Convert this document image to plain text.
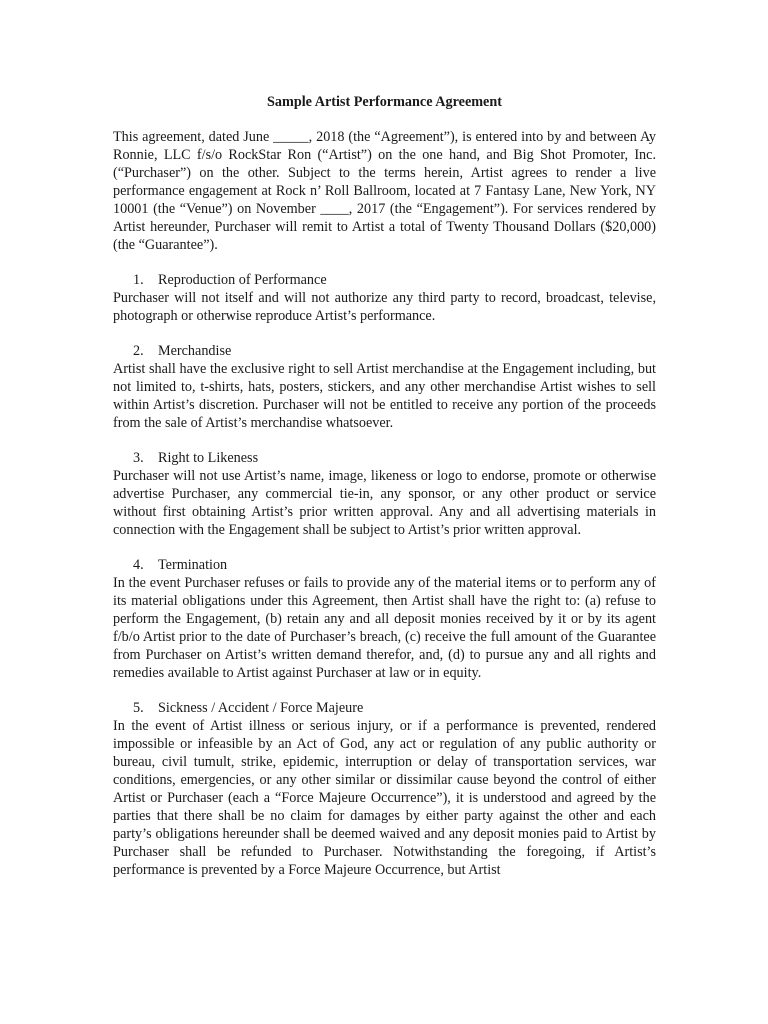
Sample Artist Performance Agreement

This agreement, dated June _____, 2018 (the “Agreement”), is entered into by and between Ay Ronnie, LLC f/s/o RockStar Ron (“Artist”) on the one hand, and Big Shot Promoter, Inc. (“Purchaser”) on the other. Subject to the terms herein, Artist agrees to render a live performance engagement at Rock n’ Roll Ballroom, located at 7 Fantasy Lane, New York, NY 10001 (the “Venue”) on November ____, 2017 (the “Engagement”). For services rendered by Artist hereunder, Purchaser will remit to Artist a total of Twenty Thousand Dollars ($20,000) (the “Guarantee”).

1. Reproduction of Performance

Purchaser will not itself and will not authorize any third party to record, broadcast, televise, photograph or otherwise reproduce Artist’s performance.

2. Merchandise

Artist shall have the exclusive right to sell Artist merchandise at the Engagement including, but not limited to, t-shirts, hats, posters, stickers, and any other merchandise Artist wishes to sell within Artist’s discretion. Purchaser will not be entitled to receive any portion of the proceeds from the sale of Artist’s merchandise whatsoever.

3. Right to Likeness

Purchaser will not use Artist’s name, image, likeness or logo to endorse, promote or otherwise advertise Purchaser, any commercial tie-in, any sponsor, or any other product or service without first obtaining Artist’s prior written approval. Any and all advertising materials in connection with the Engagement shall be subject to Artist’s prior written approval.

4. Termination

In the event Purchaser refuses or fails to provide any of the material items or to perform any of its material obligations under this Agreement, then Artist shall have the right to: (a) refuse to perform the Engagement, (b) retain any and all deposit monies received by it or by its agent f/b/o Artist prior to the date of Purchaser’s breach, (c) receive the full amount of the Guarantee from Purchaser on Artist’s written demand therefor, and, (d) to pursue any and all rights and remedies available to Artist against Purchaser at law or in equity.

5. Sickness / Accident / Force Majeure

In the event of Artist illness or serious injury, or if a performance is prevented, rendered impossible or infeasible by an Act of God, any act or regulation of any public authority or bureau, civil tumult, strike, epidemic, interruption or delay of transportation services, war conditions, emergencies, or any other similar or dissimilar cause beyond the control of either Artist or Purchaser (each a “Force Majeure Occurrence”), it is understood and agreed by the parties that there shall be no claim for damages by either party against the other and each party’s obligations hereunder shall be deemed waived and any deposit monies paid to Artist by Purchaser shall be refunded to Purchaser. Notwithstanding the foregoing, if Artist’s performance is prevented by a Force Majeure Occurrence, but Artist
